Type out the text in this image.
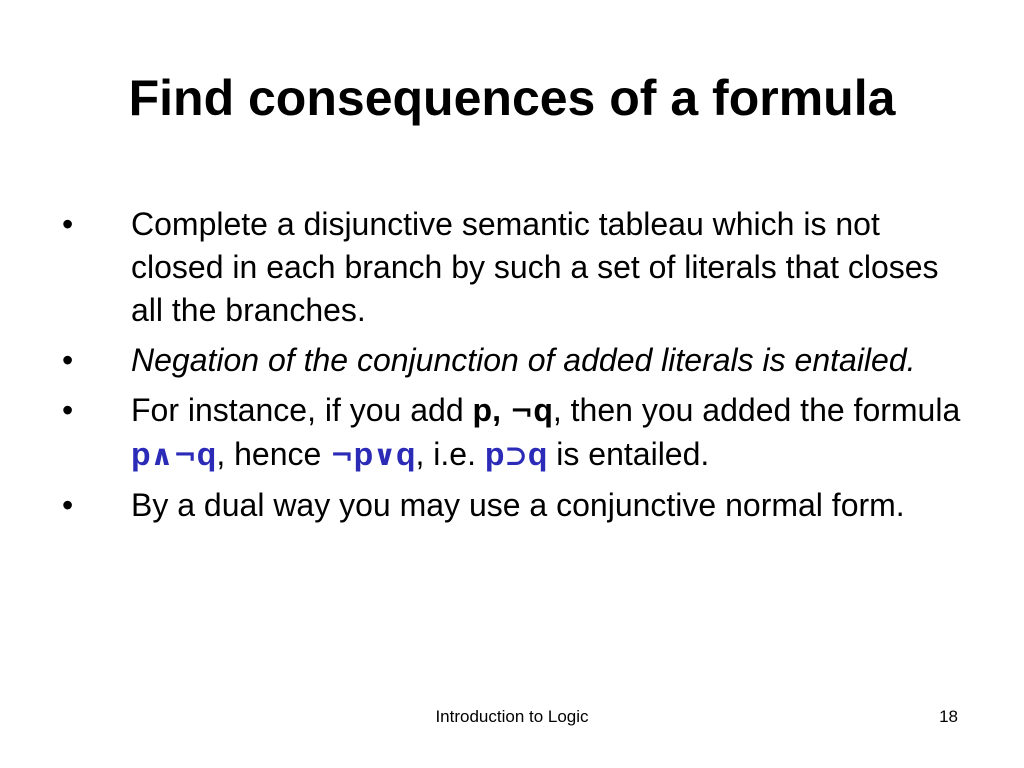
Find consequences of a formula
• Complete a disjunctive semantic tableau which is not closed in each branch by such a set of literals that closes all the branches.
• Negation of the conjunction of added literals is entailed.
• For instance, if you add p, ¬q, then you added the formula p∧¬q, hence ¬p∨q, i.e. p⊃q is entailed.
• By a dual way you may use a conjunctive normal form.
Introduction to Logic	18
